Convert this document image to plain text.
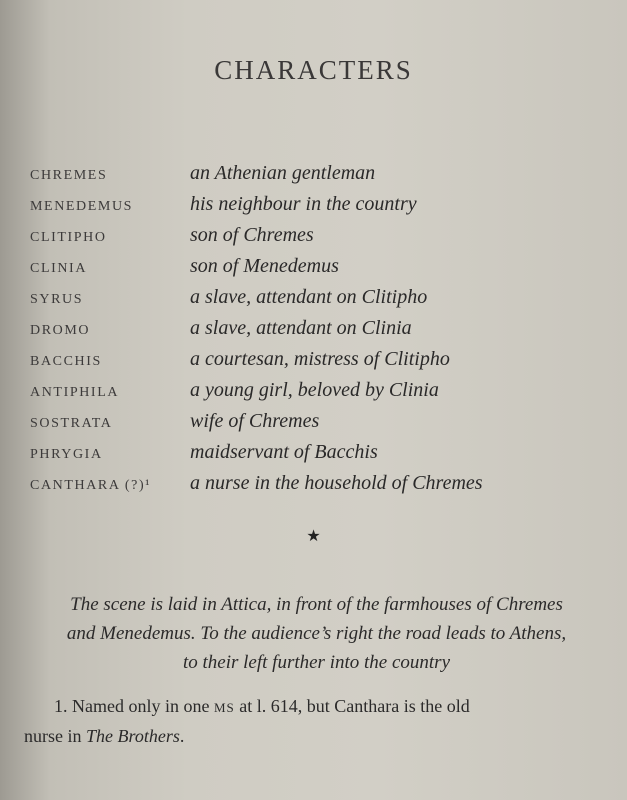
CHARACTERS
CHREMES	an Athenian gentleman
MENEDEMUS	his neighbour in the country
CLITIPHO	son of Chremes
CLINIA	son of Menedemus
SYRUS	a slave, attendant on Clitipho
DROMO	a slave, attendant on Clinia
BACCHIS	a courtesan, mistress of Clitipho
ANTIPHILA	a young girl, beloved by Clinia
SOSTRATA	wife of Chremes
PHRYGIA	maidservant of Bacchis
CANTHARA (?)¹	a nurse in the household of Chremes
★
The scene is laid in Attica, in front of the farmhouses of Chremes
and Menedemus. To the audience’s right the road leads to Athens,
to their left further into the country
1. Named only in one MS at l. 614, but Canthara is the old
nurse in The Brothers.
